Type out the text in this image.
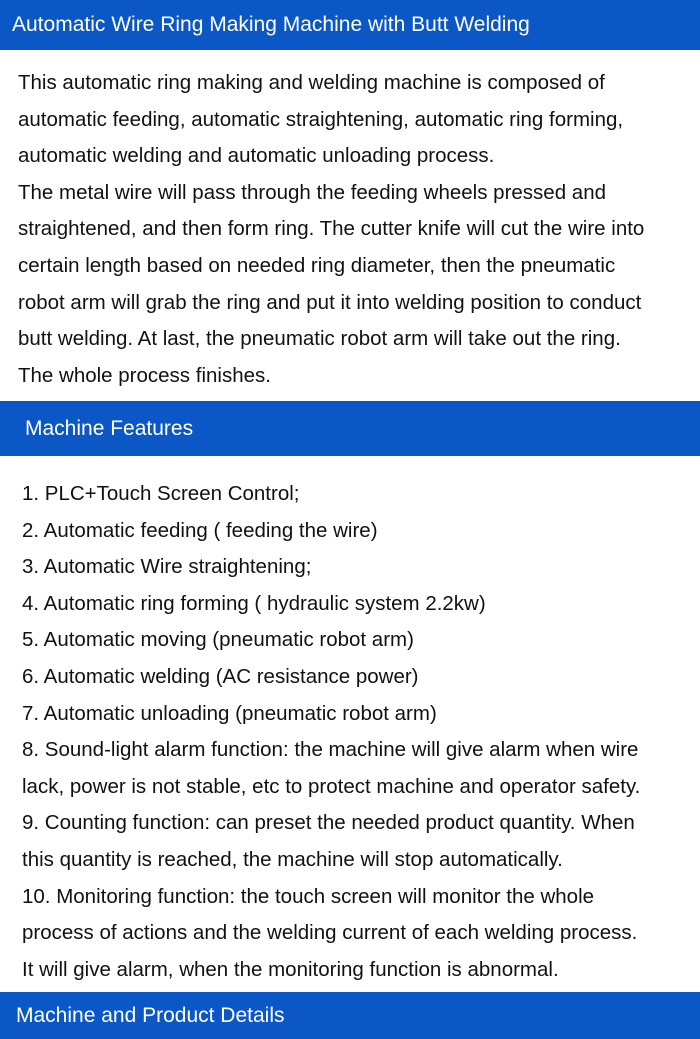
Automatic Wire Ring Making Machine with Butt Welding

This automatic ring making and welding machine is composed of

automatic feeding, automatic straightening, automatic ring forming,

automatic welding and automatic unloading process.

The metal wire will pass through the feeding wheels pressed and

straightened, and then form ring. The cutter knife will cut the wire into

certain length based on needed ring diameter, then the pneumatic

robot arm will grab the ring and put it into welding position to conduct

butt welding. At last, the pneumatic robot arm will take out the ring.

The whole process finishes.

Machine Features

1. PLC+Touch Screen Control;

2. Automatic feeding ( feeding the wire)

3. Automatic Wire straightening;

4. Automatic ring forming ( hydraulic system 2.2kw)

5. Automatic moving (pneumatic robot arm)

6. Automatic welding (AC resistance power)

7. Automatic unloading (pneumatic robot arm)

8. Sound-light alarm function: the machine will give alarm when wire

lack, power is not stable, etc to protect machine and operator safety.

9. Counting function: can preset the needed product quantity. When

this quantity is reached, the machine will stop automatically.

10. Monitoring function: the touch screen will monitor the whole

process of actions and the welding current of each welding process.

It will give alarm, when the monitoring function is abnormal.

Machine and Product Details
